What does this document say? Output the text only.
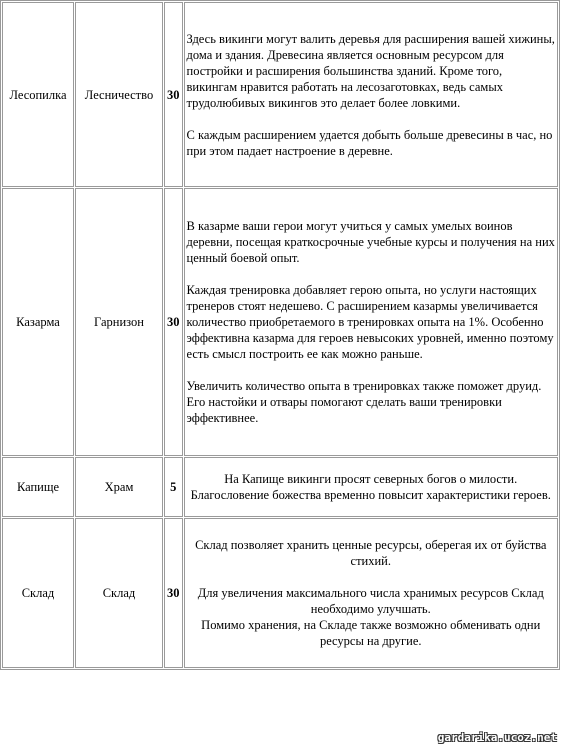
Лесопилка	Лесничество	30	Здесь викинги могут валить деревья для расширения вашей хижины, дома и здания. Древесина является основным ресурсом для постройки и расширения большинства зданий. Кроме того, викингам нравится работать на лесозаготовках, ведь самых трудолюбивых викингов это делает более ловкими.

С каждым расширением удается добыть больше древесины в час, но при этом падает настроение в деревне.

Казарма	Гарнизон	30	В казарме ваши герои могут учиться у самых умелых воинов деревни, посещая краткосрочные учебные курсы и получения на них ценный боевой опыт.

Каждая тренировка добавляет герою опыта, но услуги настоящих тренеров стоят недешево. С расширением казармы увеличивается количество приобретаемого в тренировках опыта на 1%. Особенно эффективна казарма для героев невысоких уровней, именно поэтому есть смысл построить ее как можно раньше.

Увеличить количество опыта в тренировках также поможет друид. Его настойки и отвары помогают сделать ваши тренировки эффективнее.

Капище	Храм	5	На Капище викинги просят северных богов о милости. Благословение божества временно повысит характеристики героев.

Склад	Склад	30	Склад позволяет хранить ценные ресурсы, оберегая их от буйства стихий.

Для увеличения максимального числа хранимых ресурсов Склад необходимо улучшать.

Помимо хранения, на Складе также возможно обменивать одни ресурсы на другие.

gardarika.ucoz.net
